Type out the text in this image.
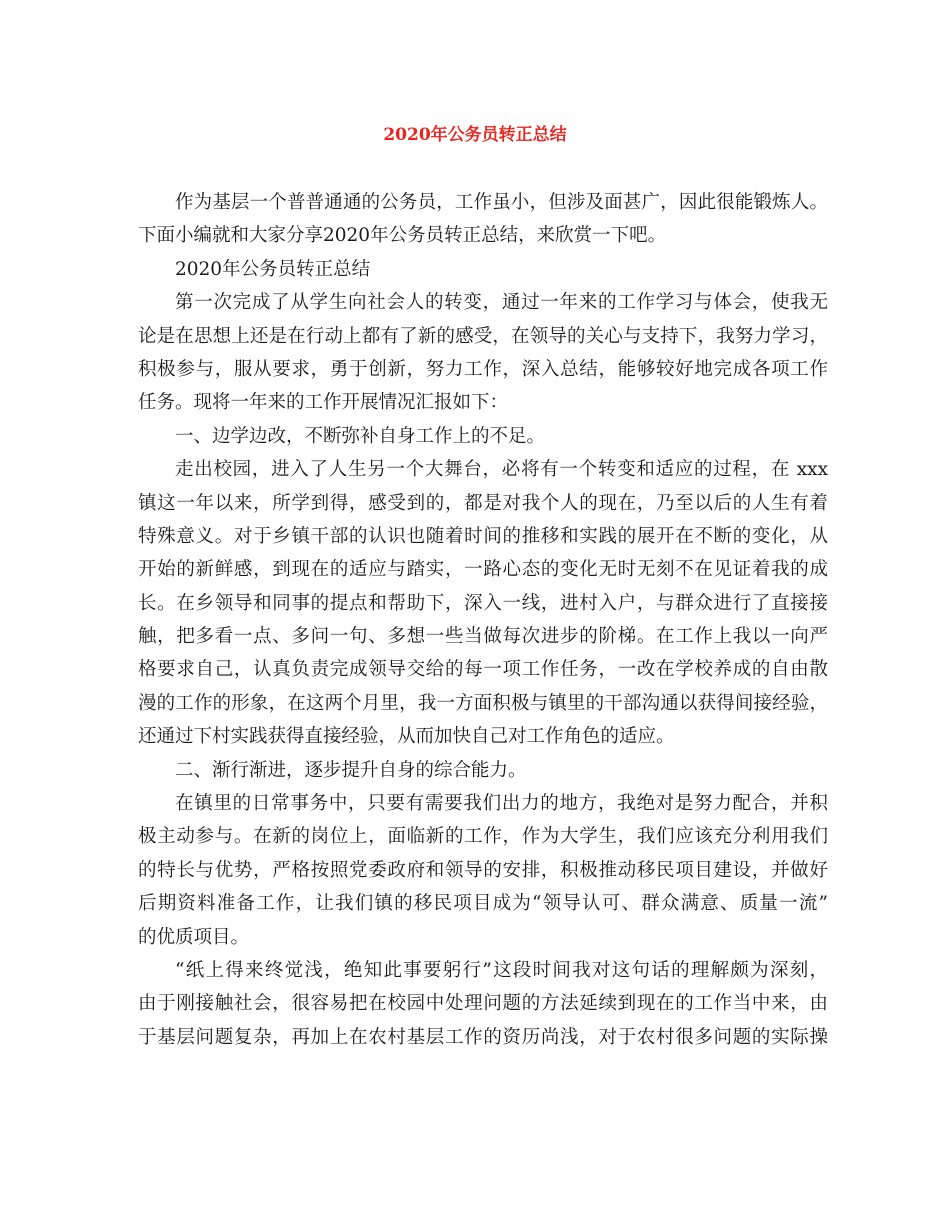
2020年公务员转正总结
作为基层一个普普通通的公务员，工作虽小，但涉及面甚广，因此很能锻炼人。
下面小编就和大家分享2020年公务员转正总结，来欣赏一下吧。
2020年公务员转正总结
第一次完成了从学生向社会人的转变，通过一年来的工作学习与体会，使我无
论是在思想上还是在行动上都有了新的感受，在领导的关心与支持下，我努力学习，
积极参与，服从要求，勇于创新，努力工作，深入总结，能够较好地完成各项工作
任务。现将一年来的工作开展情况汇报如下：
一、边学边改，不断弥补自身工作上的不足。
走出校园，进入了人生另一个大舞台，必将有一个转变和适应的过程，在 xxx
镇这一年以来，所学到得，感受到的，都是对我个人的现在，乃至以后的人生有着
特殊意义。对于乡镇干部的认识也随着时间的推移和实践的展开在不断的变化，从
开始的新鲜感，到现在的适应与踏实，一路心态的变化无时无刻不在见证着我的成
长。在乡领导和同事的提点和帮助下，深入一线，进村入户，与群众进行了直接接
触，把多看一点、多问一句、多想一些当做每次进步的阶梯。在工作上我以一向严
格要求自己，认真负责完成领导交给的每一项工作任务，一改在学校养成的自由散
漫的工作的形象，在这两个月里，我一方面积极与镇里的干部沟通以获得间接经验，
还通过下村实践获得直接经验，从而加快自己对工作角色的适应。
二、渐行渐进，逐步提升自身的综合能力。
在镇里的日常事务中，只要有需要我们出力的地方，我绝对是努力配合，并积
极主动参与。在新的岗位上，面临新的工作，作为大学生，我们应该充分利用我们
的特长与优势，严格按照党委政府和领导的安排，积极推动移民项目建设，并做好
后期资料准备工作，让我们镇的移民项目成为“领导认可、群众满意、质量一流”
的优质项目。
“纸上得来终觉浅，绝知此事要躬行”这段时间我对这句话的理解颇为深刻，
由于刚接触社会，很容易把在校园中处理问题的方法延续到现在的工作当中来，由
于基层问题复杂，再加上在农村基层工作的资历尚浅，对于农村很多问题的实际操
